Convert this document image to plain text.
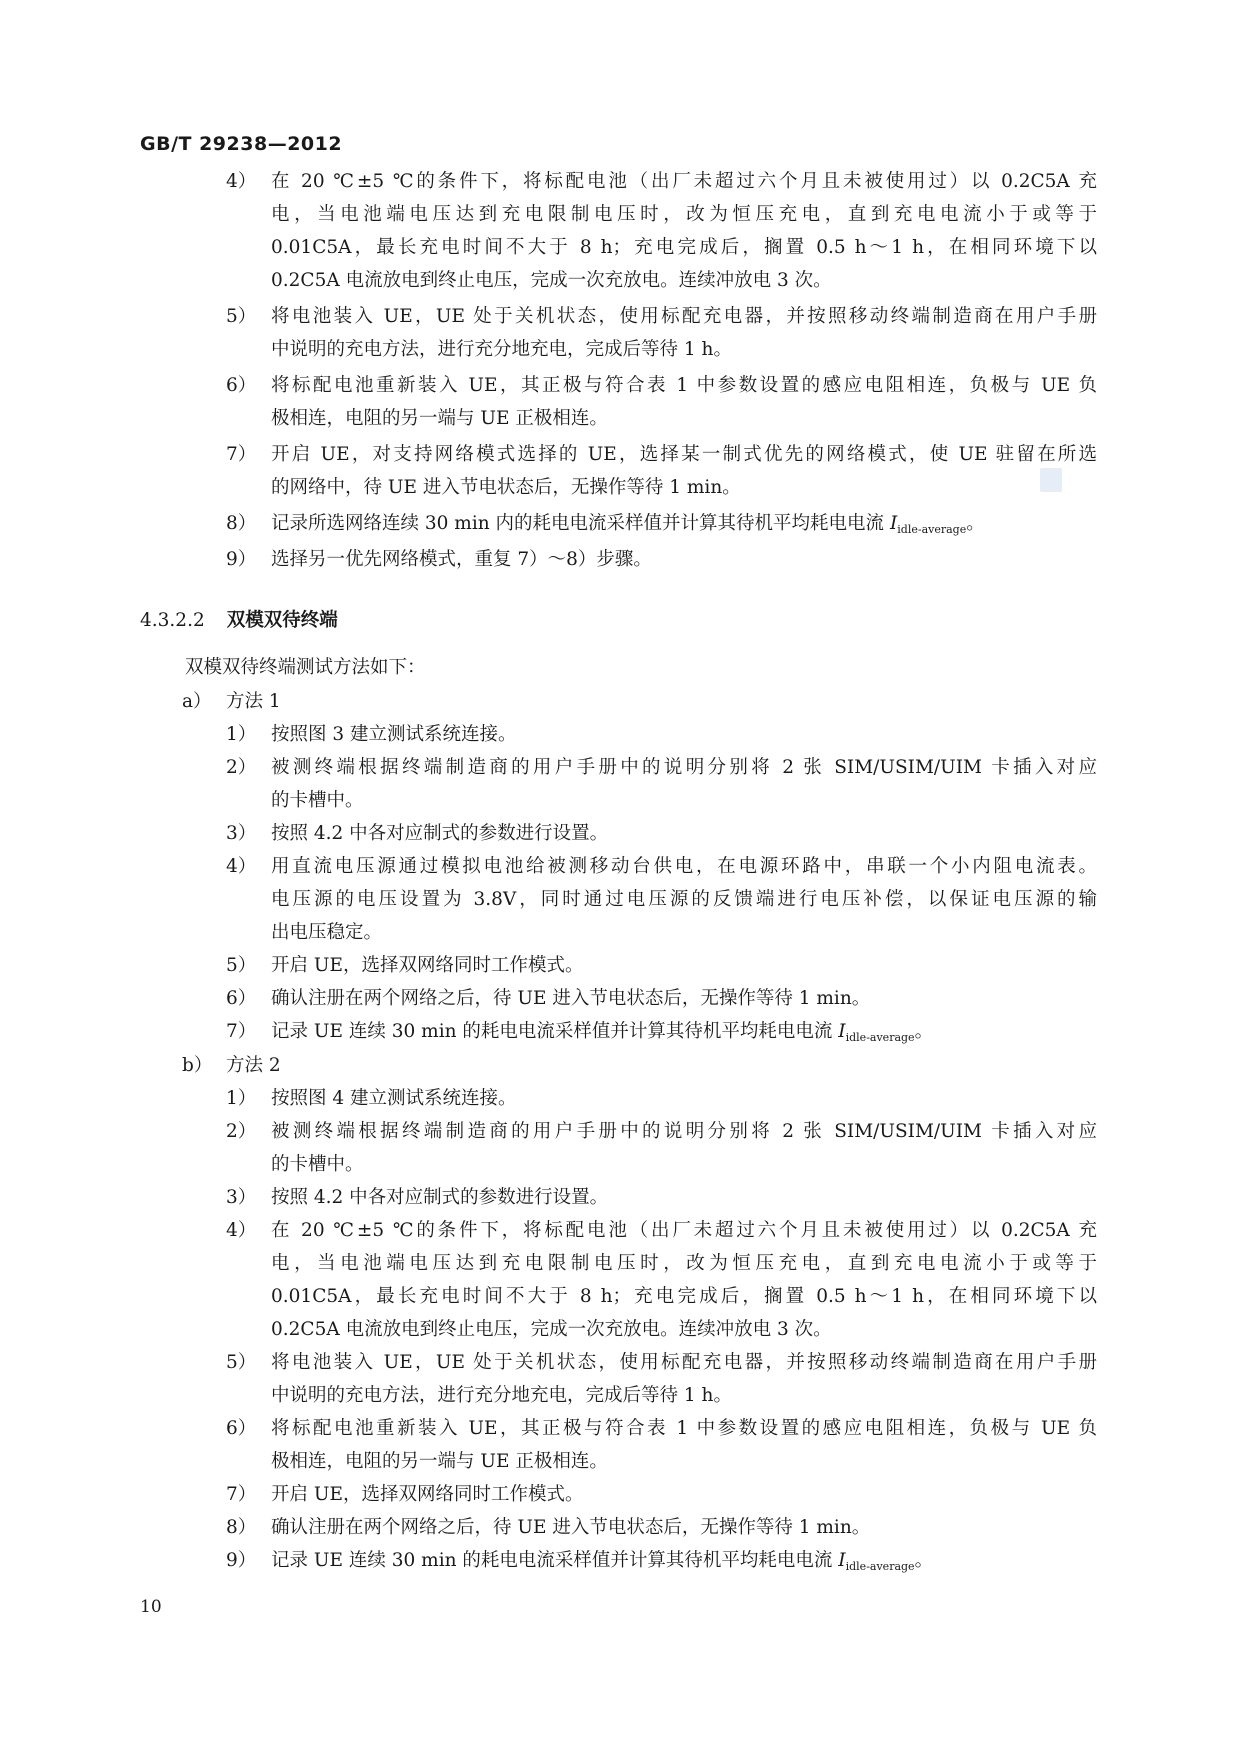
GB/T 29238—2012
4） 在 20 ℃±5 ℃的条件下，将标配电池（出厂未超过六个月且未被使用过）以 0.2C5A 充
电，当电池端电压达到充电限制电压时，改为恒压充电，直到充电电流小于或等于
0.01C5A，最长充电时间不大于 8 h；充电完成后，搁置 0.5 h～1 h，在相同环境下以
0.2C5A 电流放电到终止电压，完成一次充放电。连续冲放电 3 次。
5） 将电池装入 UE，UE 处于关机状态，使用标配充电器，并按照移动终端制造商在用户手册
中说明的充电方法，进行充分地充电，完成后等待 1 h。
6） 将标配电池重新装入 UE，其正极与符合表 1 中参数设置的感应电阻相连，负极与 UE 负
极相连，电阻的另一端与 UE 正极相连。
7） 开启 UE，对支持网络模式选择的 UE，选择某一制式优先的网络模式，使 UE 驻留在所选
的网络中，待 UE 进入节电状态后，无操作等待 1 min。
8） 记录所选网络连续 30 min 内的耗电电流采样值并计算其待机平均耗电电流 $I_{idle-average}$。
9） 选择另一优先网络模式，重复 7）～8）步骤。
4.3.2.2 双模双待终端
双模双待终端测试方法如下：
a） 方法 1
1） 按照图 3 建立测试系统连接。
2） 被测终端根据终端制造商的用户手册中的说明分别将 2 张 SIM/USIM/UIM 卡插入对应
的卡槽中。
3） 按照 4.2 中各对应制式的参数进行设置。
4） 用直流电压源通过模拟电池给被测移动台供电，在电源环路中，串联一个小内阻电流表。
电压源的电压设置为 3.8V，同时通过电压源的反馈端进行电压补偿，以保证电压源的输
出电压稳定。
5） 开启 UE，选择双网络同时工作模式。
6） 确认注册在两个网络之后，待 UE 进入节电状态后，无操作等待 1 min。
7） 记录 UE 连续 30 min 的耗电电流采样值并计算其待机平均耗电电流 $I_{idle-average}$。
b） 方法 2
1） 按照图 4 建立测试系统连接。
2） 被测终端根据终端制造商的用户手册中的说明分别将 2 张 SIM/USIM/UIM 卡插入对应
的卡槽中。
3） 按照 4.2 中各对应制式的参数进行设置。
4） 在 20 ℃±5 ℃的条件下，将标配电池（出厂未超过六个月且未被使用过）以 0.2C5A 充
电，当电池端电压达到充电限制电压时，改为恒压充电，直到充电电流小于或等于
0.01C5A，最长充电时间不大于 8 h；充电完成后，搁置 0.5 h～1 h，在相同环境下以
0.2C5A 电流放电到终止电压，完成一次充放电。连续冲放电 3 次。
5） 将电池装入 UE，UE 处于关机状态，使用标配充电器，并按照移动终端制造商在用户手册
中说明的充电方法，进行充分地充电，完成后等待 1 h。
6） 将标配电池重新装入 UE，其正极与符合表 1 中参数设置的感应电阻相连，负极与 UE 负
极相连，电阻的另一端与 UE 正极相连。
7） 开启 UE，选择双网络同时工作模式。
8） 确认注册在两个网络之后，待 UE 进入节电状态后，无操作等待 1 min。
9） 记录 UE 连续 30 min 的耗电电流采样值并计算其待机平均耗电电流 $I_{idle-average}$。
10
